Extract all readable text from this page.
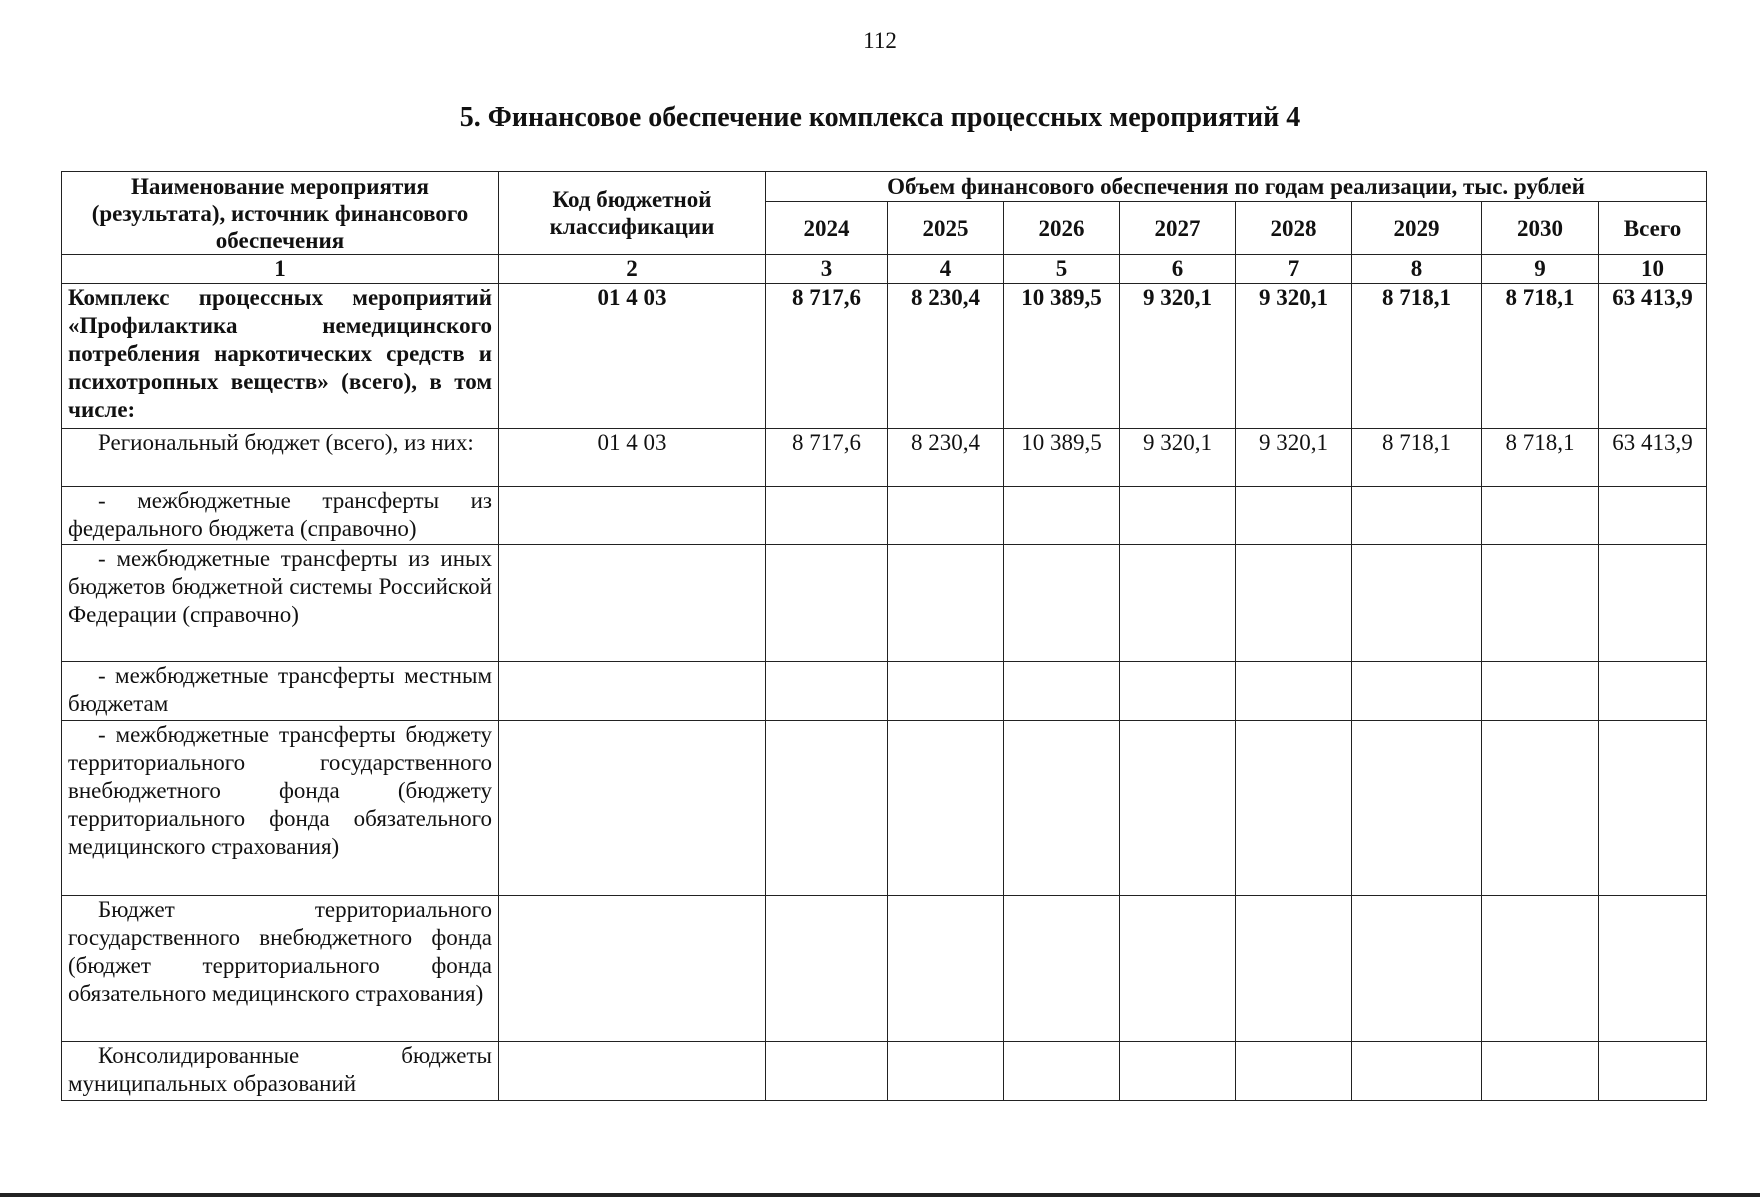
112
5. Финансовое обеспечение комплекса процессных мероприятий 4
Наименование мероприятия (результата), источник финансового обеспечения	Код бюджетной классификации	Объем финансового обеспечения по годам реализации, тыс. рублей							
		2024	2025	2026	2027	2028	2029	2030	Всего
1	2	3	4	5	6	7	8	9	10
Комплекс процессных мероприятий «Профилактика немедицинского потребления наркотических средств и психотропных веществ» (всего), в том числе:	01 4 03	8 717,6	8 230,4	10 389,5	9 320,1	9 320,1	8 718,1	8 718,1	63 413,9
Региональный бюджет (всего), из них:	01 4 03	8 717,6	8 230,4	10 389,5	9 320,1	9 320,1	8 718,1	8 718,1	63 413,9
- межбюджетные трансферты из федерального бюджета (справочно)									
- межбюджетные трансферты из иных бюджетов бюджетной системы Российской Федерации (справочно)									
- межбюджетные трансферты местным бюджетам									
- межбюджетные трансферты бюджету территориального государственного внебюджетного фонда (бюджету территориального фонда обязательного медицинского страхования)									
Бюджет территориального государственного внебюджетного фонда (бюджет территориального фонда обязательного медицинского страхования)									
Консолидированные бюджеты муниципальных образований									
